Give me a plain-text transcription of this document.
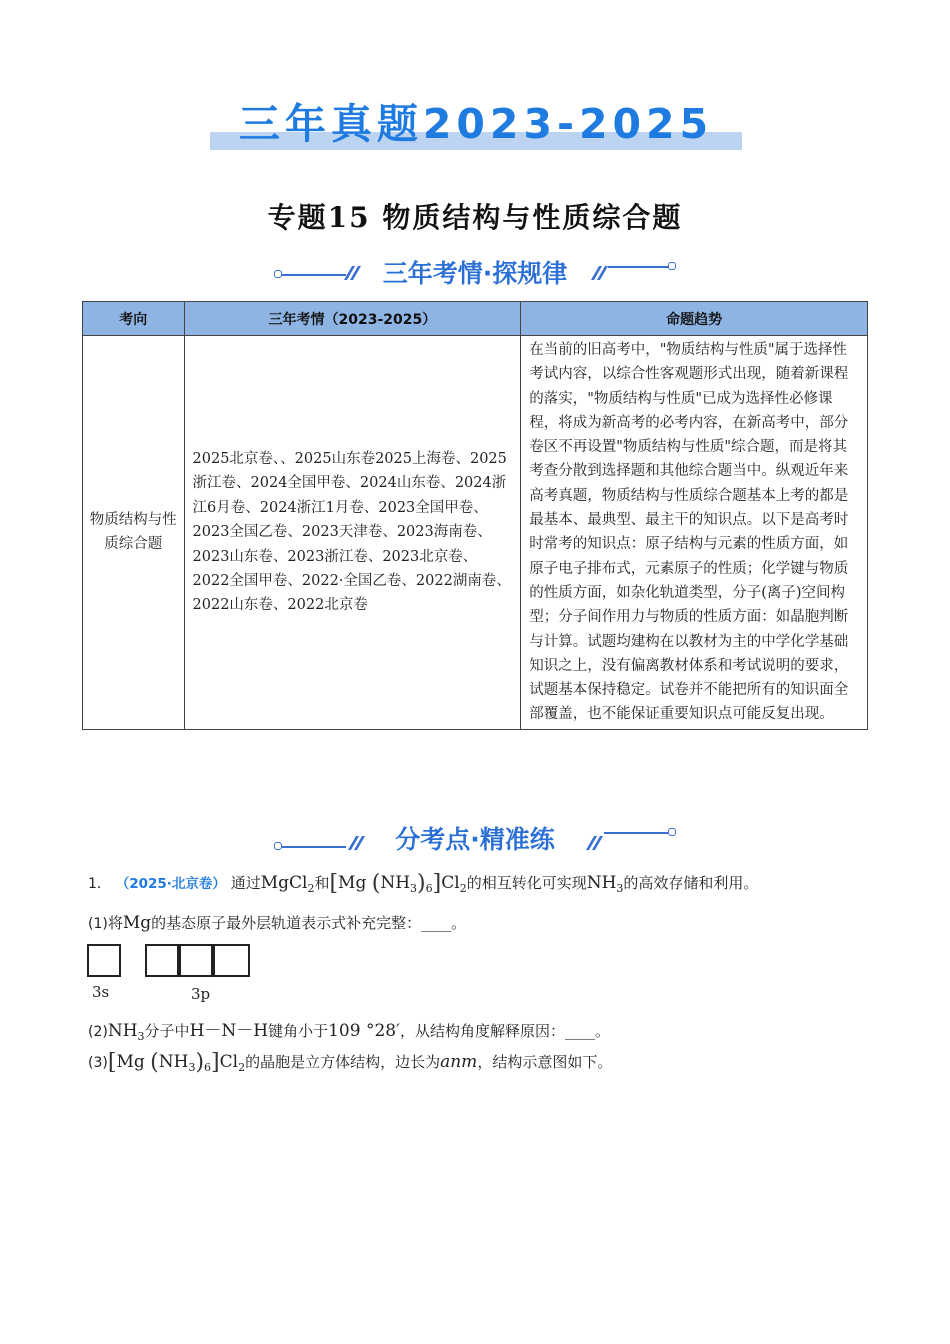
三年真题2023-2025
专题15 物质结构与性质综合题
三年考情·探规律
考向	三年考情（2023-2025）	命题趋势
物质结构与性质综合题	2025北京卷、、2025山东卷2025上海卷、2025浙江卷、2024全国甲卷、2024山东卷、2024浙江6月卷、2024浙江1月卷、2023全国甲卷、2023全国乙卷、2023天津卷、2023海南卷、2023山东卷、2023浙江卷、2023北京卷、2022全国甲卷、2022·全国乙卷、2022湖南卷、2022山东卷、2022北京卷	在当前的旧高考中，"物质结构与性质"属于选择性考试内容，以综合性客观题形式出现，随着新课程的落实，"物质结构与性质"已成为选择性必修课程，将成为新高考的必考内容，在新高考中，部分卷区不再设置"物质结构与性质"综合题，而是将其考查分散到选择题和其他综合题当中。纵观近年来高考真题，物质结构与性质综合题基本上考的都是最基本、最典型、最主干的知识点。以下是高考时时常考的知识点：原子结构与元素的性质方面，如原子电子排布式，元素原子的性质；化学键与物质的性质方面，如杂化轨道类型，分子(离子)空间构型；分子间作用力与物质的性质方面：如晶胞判断与计算。试题均建构在以教材为主的中学化学基础知识之上，没有偏离教材体系和考试说明的要求， 试题基本保持稳定。试卷并不能把所有的知识面全部覆盖，也不能保证重要知识点可能反复出现。
分考点·精准练
1． （2025·北京卷） 通过MgCl$_2$和[Mg $(NH_3)_6]Cl_2$的相互转化可实现$NH_3$的高效存储和利用。
(1)将Mg的基态原子最外层轨道表示式补充完整：____。
3s	3p
$(2)NH_3$分子中H－N－H键角小于109 °28′，从结构角度解释原因：____。
(3)[Mg $(NH_3)_6]Cl_2$的晶胞是立方体结构，边长为anm，结构示意图如下。
